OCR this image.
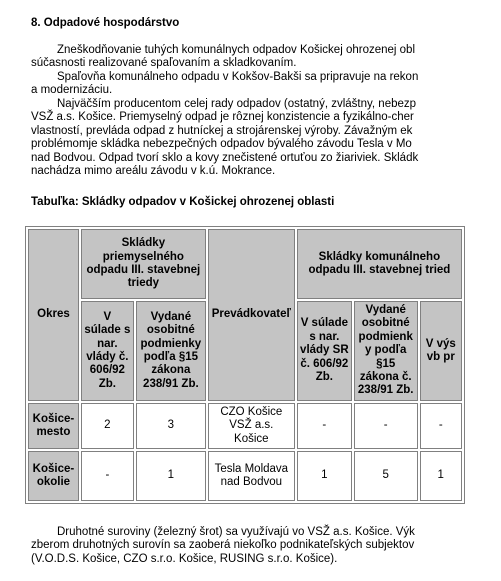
8. Odpadové hospodárstvo
Zneškodňovanie tuhých komunálnych odpadov Košickej ohrozenej obl
súčasnosti realizované spaľovaním a skladkovaním.
Spaľovňa komunálneho odpadu v Kokšov-Bakši sa pripravuje na rekon
a modernizáciu.
Najväčším producentom celej rady odpadov (ostatný, zvláštny, nebezp
VSŽ a.s. Košice. Priemyselný odpad je rôznej konzistencie a fyzikálno-cher
vlastností, prevláda odpad z hutníckej a strojárenskej výroby. Závažným ek
problémomje skládka nebezpečných odpadov bývalého závodu Tesla v Mo
nad Bodvou. Odpad tvorí sklo a kovy znečistené ortuťou zo žiariviek. Skládk
nachádza mimo areálu závodu v k.ú. Mokrance.
Tabuľka: Skládky odpadov v Košickej ohrozenej oblasti
Okres	Skládky priemyselného odpadu III. stavebnej triedy		Prevádkovateľ	Skládky komunálneho odpadu III. stavebnej tried		
	V súlade s nar. vlády č. 606/92 Zb.	Vydané osobitné podmienky podľa §15 zákona 238/91 Zb.		V súlade s nar. vlády SR č. 606/92 Zb.	Vydané osobitné podmienk y podľa §15 zákona č. 238/91 Zb.	V výs vb pr
Košice-mesto	2	3	CZO Košice VSŽ a.s. Košice	-	-	-
Košice-okolie	-	1	Tesla Moldava nad Bodvou	1	5	1
Druhotné suroviny (železný šrot) sa využívajú vo VSŽ a.s. Košice. Výk
zberom druhotných surovín sa zaoberá niekoľko podnikateľských subjektov
(V.O.D.S. Košice, CZO s.r.o. Košice, RUSING s.r.o. Košice).
